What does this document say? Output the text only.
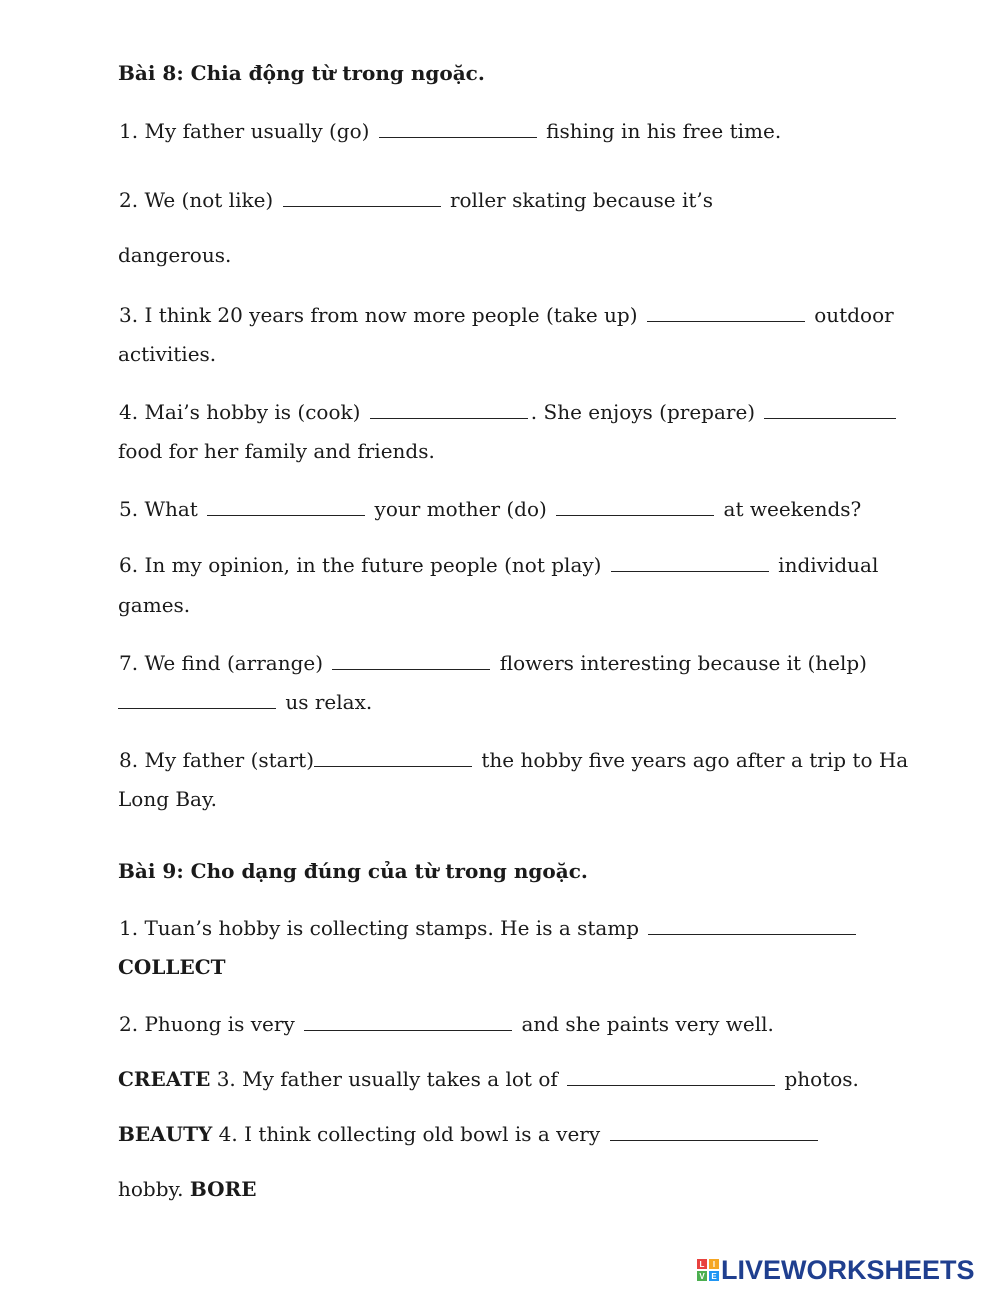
Bài 8: Chia động từ trong ngoặc.
1. My father usually (go)	fishing in his free time.
2. We (not like)	roller skating because it’s
dangerous.
3. I think 20 years from now more people (take up)	outdoor
activities.
4. Mai’s hobby is (cook)	. She enjoys (prepare)
food for her family and friends.
5. What	your mother (do)	at weekends?
6. In my opinion, in the future people (not play)	individual
games.
7. We find (arrange)	flowers interesting because it (help)
us relax.
8. My father (start)	the hobby five years ago after a trip to Ha
Long Bay.
Bài 9: Cho dạng đúng của từ trong ngoặc.
1. Tuan’s hobby is collecting stamps. He is a stamp
COLLECT
2. Phuong is very	and she paints very well.
CREATE 3. My father usually takes a lot of	photos.
BEAUTY 4. I think collecting old bowl is a very
hobby. BORE
L	I
V E LIVEWORKSHEETS
